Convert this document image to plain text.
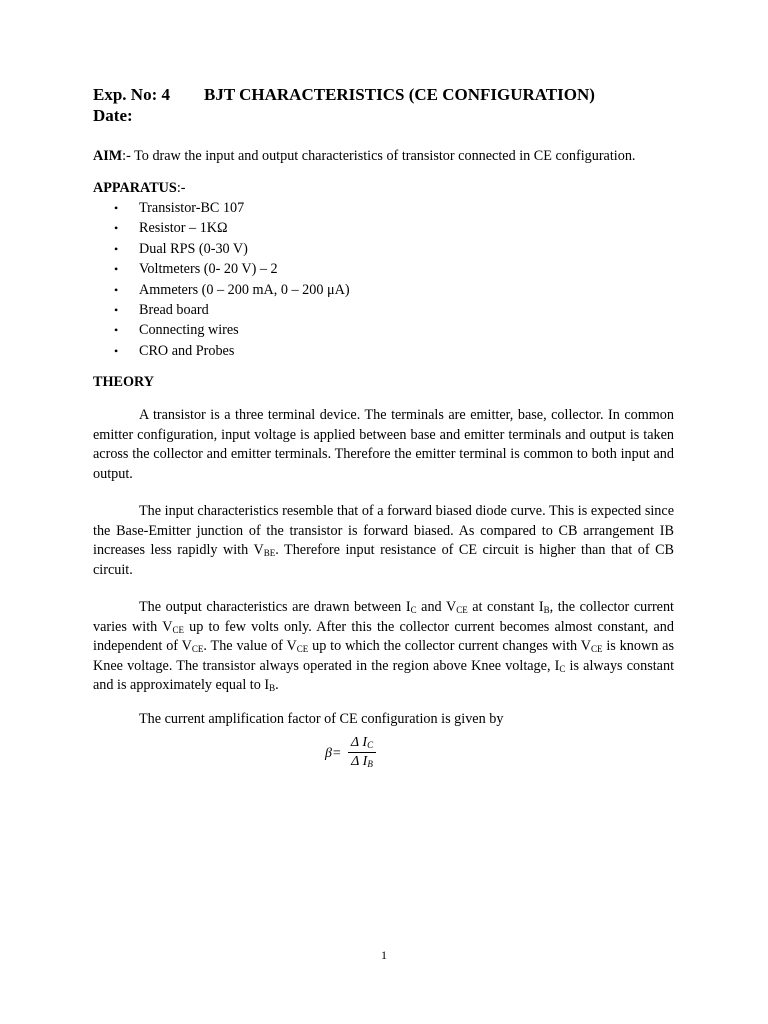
Exp. No: 4 BJT CHARACTERISTICS (CE CONFIGURATION)
Date:
AIM:- To draw the input and output characteristics of transistor connected in CE configuration.
APPARATUS:-
• Transistor-BC 107
• Resistor – 1KΩ
• Dual RPS (0-30 V)
• Voltmeters (0- 20 V) – 2
• Ammeters (0 – 200 mA, 0 – 200 μA)
• Bread board
• Connecting wires
• CRO and Probes
THEORY

A transistor is a three terminal device. The terminals are emitter, base, collector. In common emitter configuration, input voltage is applied between base and emitter terminals and output is taken across the collector and emitter terminals. Therefore the emitter terminal is common to both input and output.

The input characteristics resemble that of a forward biased diode curve. This is expected since the Base-Emitter junction of the transistor is forward biased. As compared to CB arrangement IB increases less rapidly with $V_{BE}$. Therefore input resistance of CE circuit is higher than that of CB circuit.

The output characteristics are drawn between $I_C$ and $V_{CE}$ at constant $I_B$, the collector current varies with $V_{CE}$ up to few volts only. After this the collector current becomes almost constant, and independent of $V_{CE}$. The value of $V_{CE}$ up to which the collector current changes with $V_{CE}$ is known as Knee voltage. The transistor always operated in the region above Knee voltage, $I_C$ is always constant and is approximately equal to $I_B$.

The current amplification factor of CE configuration is given by

$\beta= \frac{\Delta I_C}{\Delta I_B}$
1
